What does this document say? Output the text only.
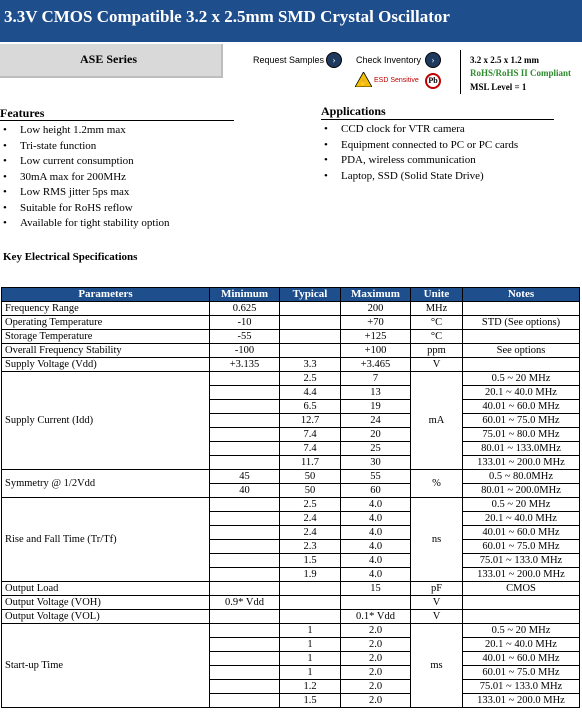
3.3V CMOS Compatible 3.2 x 2.5mm SMD Crystal Oscillator
ASE Series	Request Samples ›	Check Inventory	›
✋ ESD Sensitive	Pb
3.2 x 2.5 x 1.2 mm
RoHS/RoHS II Compliant
MSL Level = 1
Features
• Low height 1.2mm max
• Tri-state function
• Low current consumption
• 30mA max for 200MHz
• Low RMS jitter 5ps max
• Suitable for RoHS reflow
• Available for tight stability option
Applications
• CCD clock for VTR camera
• Equipment connected to PC or PC cards
• PDA, wireless communication
• Laptop, SSD (Solid State Drive)
Key Electrical Specifications
Parameters	Minimum	Typical	Maximum	Unite	Notes
Frequency Range	0.625		200	MHz	
Operating Temperature	-10		+70	°C	STD (See options)
Storage Temperature	-55		+125	°C	
Overall Frequency Stability	-100		+100	ppm	See options
Supply Voltage (Vdd)	+3.135	3.3	+3.465	V	
Supply Current (Idd)		2.5	7	mA	0.5 ~ 20 MHz
		4.4	13		20.1 ~ 40.0 MHz
		6.5	19		40.01 ~ 60.0 MHz
		12.7	24		60.01 ~ 75.0 MHz
		7.4	20		75.01 ~ 80.0 MHz
		7.4	25		80.01 ~ 133.0MHz
		11.7	30		133.01 ~ 200.0 MHz
Symmetry @ 1/2Vdd	45	50	55	%	0.5 ~ 80.0MHz
	40	50	60		80.01 ~ 200.0MHz
Rise and Fall Time (Tr/Tf)		2.5	4.0	ns	0.5 ~ 20 MHz
		2.4	4.0		20.1 ~ 40.0 MHz
		2.4	4.0		40.01 ~ 60.0 MHz
		2.3	4.0		60.01 ~ 75.0 MHz
		1.5	4.0		75.01 ~ 133.0 MHz
		1.9	4.0		133.01 ~ 200.0 MHz
Output Load			15	pF	CMOS
Output Voltage (VOH)	0.9* Vdd			V	
Output Voltage (VOL)			0.1* Vdd	V	
Start-up Time		1	2.0	ms	0.5 ~ 20 MHz
		1	2.0		20.1 ~ 40.0 MHz
		1	2.0		40.01 ~ 60.0 MHz
		1	2.0		60.01 ~ 75.0 MHz
		1.2	2.0		75.01 ~ 133.0 MHz
		1.5	2.0		133.01 ~ 200.0 MHz
